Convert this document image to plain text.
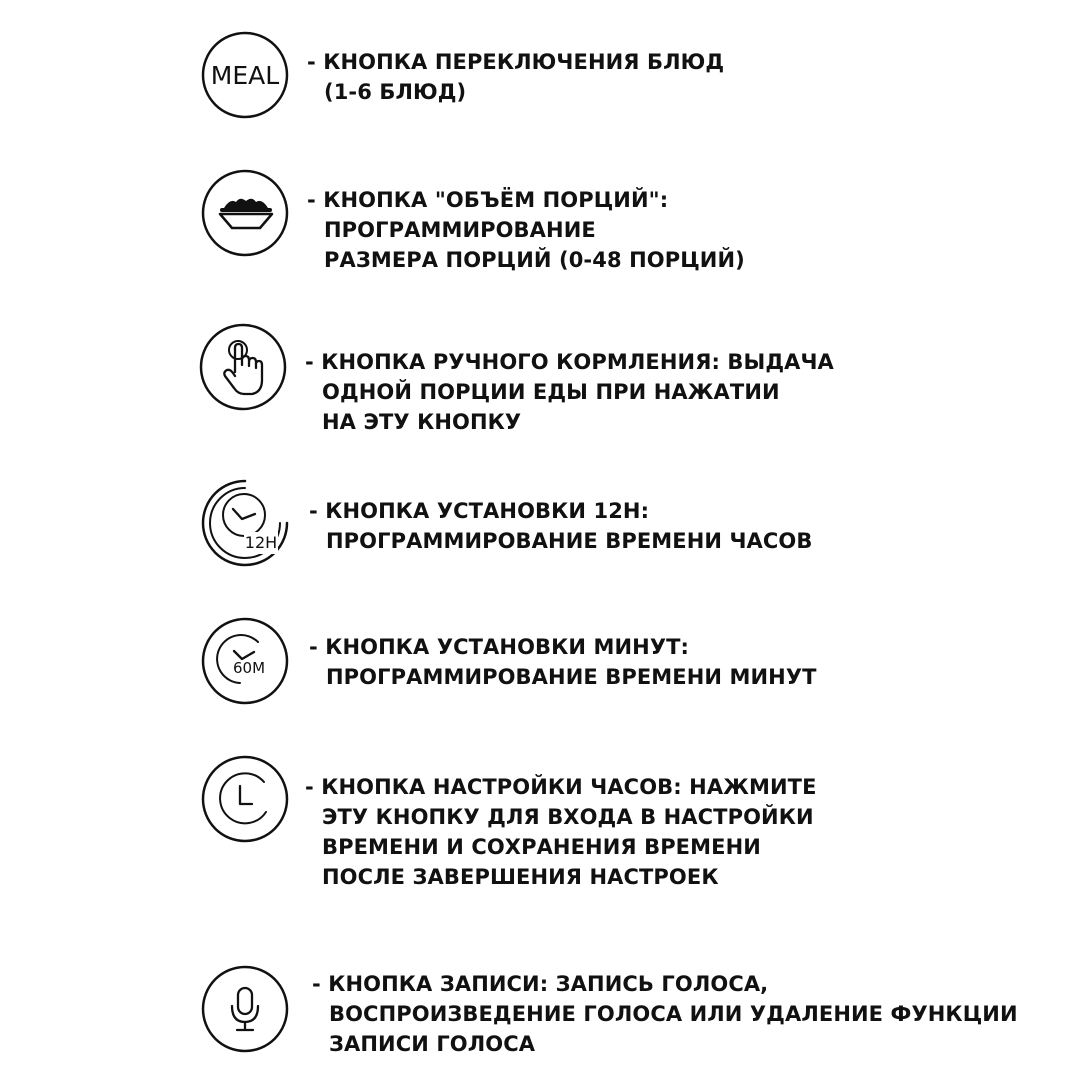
MEAL - КНОПКА ПЕРЕКЛЮЧЕНИЯ БЛЮД
(1-6 БЛЮД)
- КНОПКА "ОБЪЁМ ПОРЦИЙ":
ПРОГРАММИРОВАНИЕ
РАЗМЕРА ПОРЦИЙ (0-48 ПОРЦИЙ)
- КНОПКА РУЧНОГО КОРМЛЕНИЯ: ВЫДАЧА
ОДНОЙ ПОРЦИИ ЕДЫ ПРИ НАЖАТИИ
НА ЭТУ КНОПКУ
12H
- КНОПКА УСТАНОВКИ 12H:
ПРОГРАММИРОВАНИЕ ВРЕМЕНИ ЧАСОВ
60M
- КНОПКА УСТАНОВКИ МИНУТ:
ПРОГРАММИРОВАНИЕ ВРЕМЕНИ МИНУТ
- КНОПКА НАСТРОЙКИ ЧАСОВ: НАЖМИТЕ
ЭТУ КНОПКУ ДЛЯ ВХОДА В НАСТРОЙКИ
ВРЕМЕНИ И СОХРАНЕНИЯ ВРЕМЕНИ
ПОСЛЕ ЗАВЕРШЕНИЯ НАСТРОЕК
- КНОПКА ЗАПИСИ: ЗАПИСЬ ГОЛОСА,
ВОСПРОИЗВЕДЕНИЕ ГОЛОСА ИЛИ УДАЛЕНИЕ ФУНКЦИИ
ЗАПИСИ ГОЛОСА
